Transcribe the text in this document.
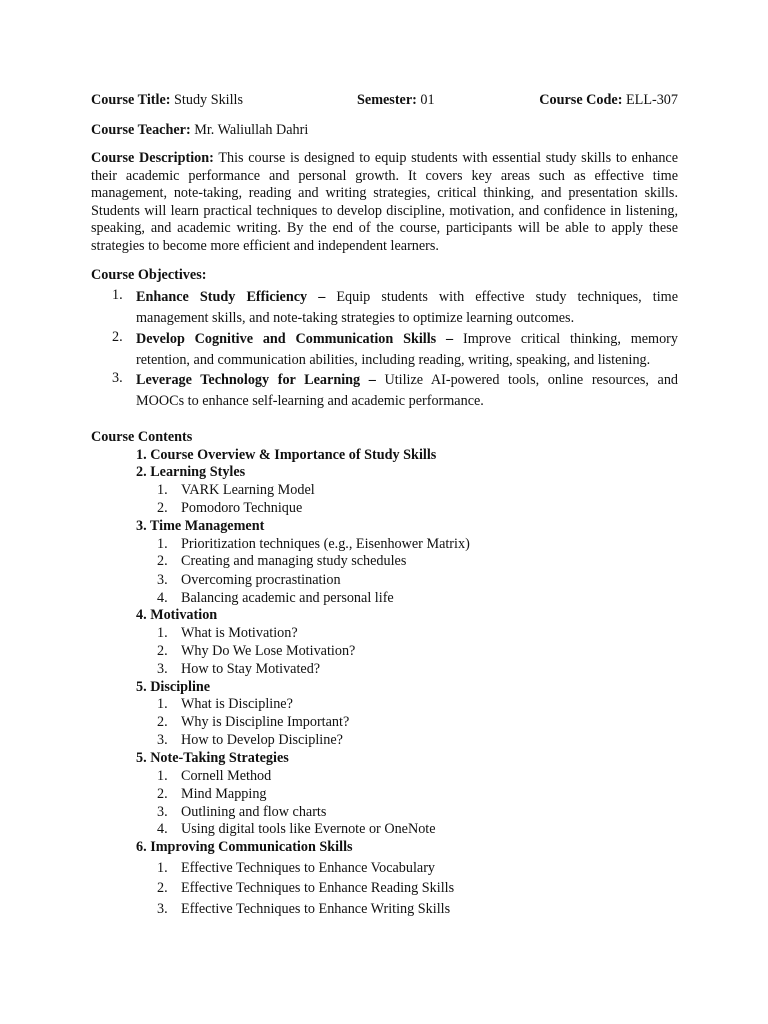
Course Title: Study Skills	Semester: 01	Course Code: ELL-307
Course Teacher: Mr. Waliullah Dahri
Course Description: This course is designed to equip students with essential study skills to enhance their academic performance and personal growth. It covers key areas such as effective time management, note-taking, reading and writing strategies, critical thinking, and presentation skills. Students will learn practical techniques to develop discipline, motivation, and confidence in listening, speaking, and academic writing. By the end of the course, participants will be able to apply these strategies to become more efficient and independent learners.
Course Objectives:
1. Enhance Study Efficiency – Equip students with effective study techniques, time management skills, and note-taking strategies to optimize learning outcomes.
2. Develop Cognitive and Communication Skills – Improve critical thinking, memory retention, and communication abilities, including reading, writing, speaking, and listening.
3. Leverage Technology for Learning – Utilize AI-powered tools, online resources, and MOOCs to enhance self-learning and academic performance.
Course Contents
1. Course Overview & Importance of Study Skills
2. Learning Styles
1. VARK Learning Model
2. Pomodoro Technique
3. Time Management
1. Prioritization techniques (e.g., Eisenhower Matrix)
2. Creating and managing study schedules
3. Overcoming procrastination
4. Balancing academic and personal life
4. Motivation
1. What is Motivation?
2. Why Do We Lose Motivation?
3. How to Stay Motivated?
5. Discipline
1. What is Discipline?
2. Why is Discipline Important?
3. How to Develop Discipline?
5. Note-Taking Strategies
1. Cornell Method
2. Mind Mapping
3. Outlining and flow charts
4. Using digital tools like Evernote or OneNote
6. Improving Communication Skills
1. Effective Techniques to Enhance Vocabulary
2. Effective Techniques to Enhance Reading Skills
3. Effective Techniques to Enhance Writing Skills
